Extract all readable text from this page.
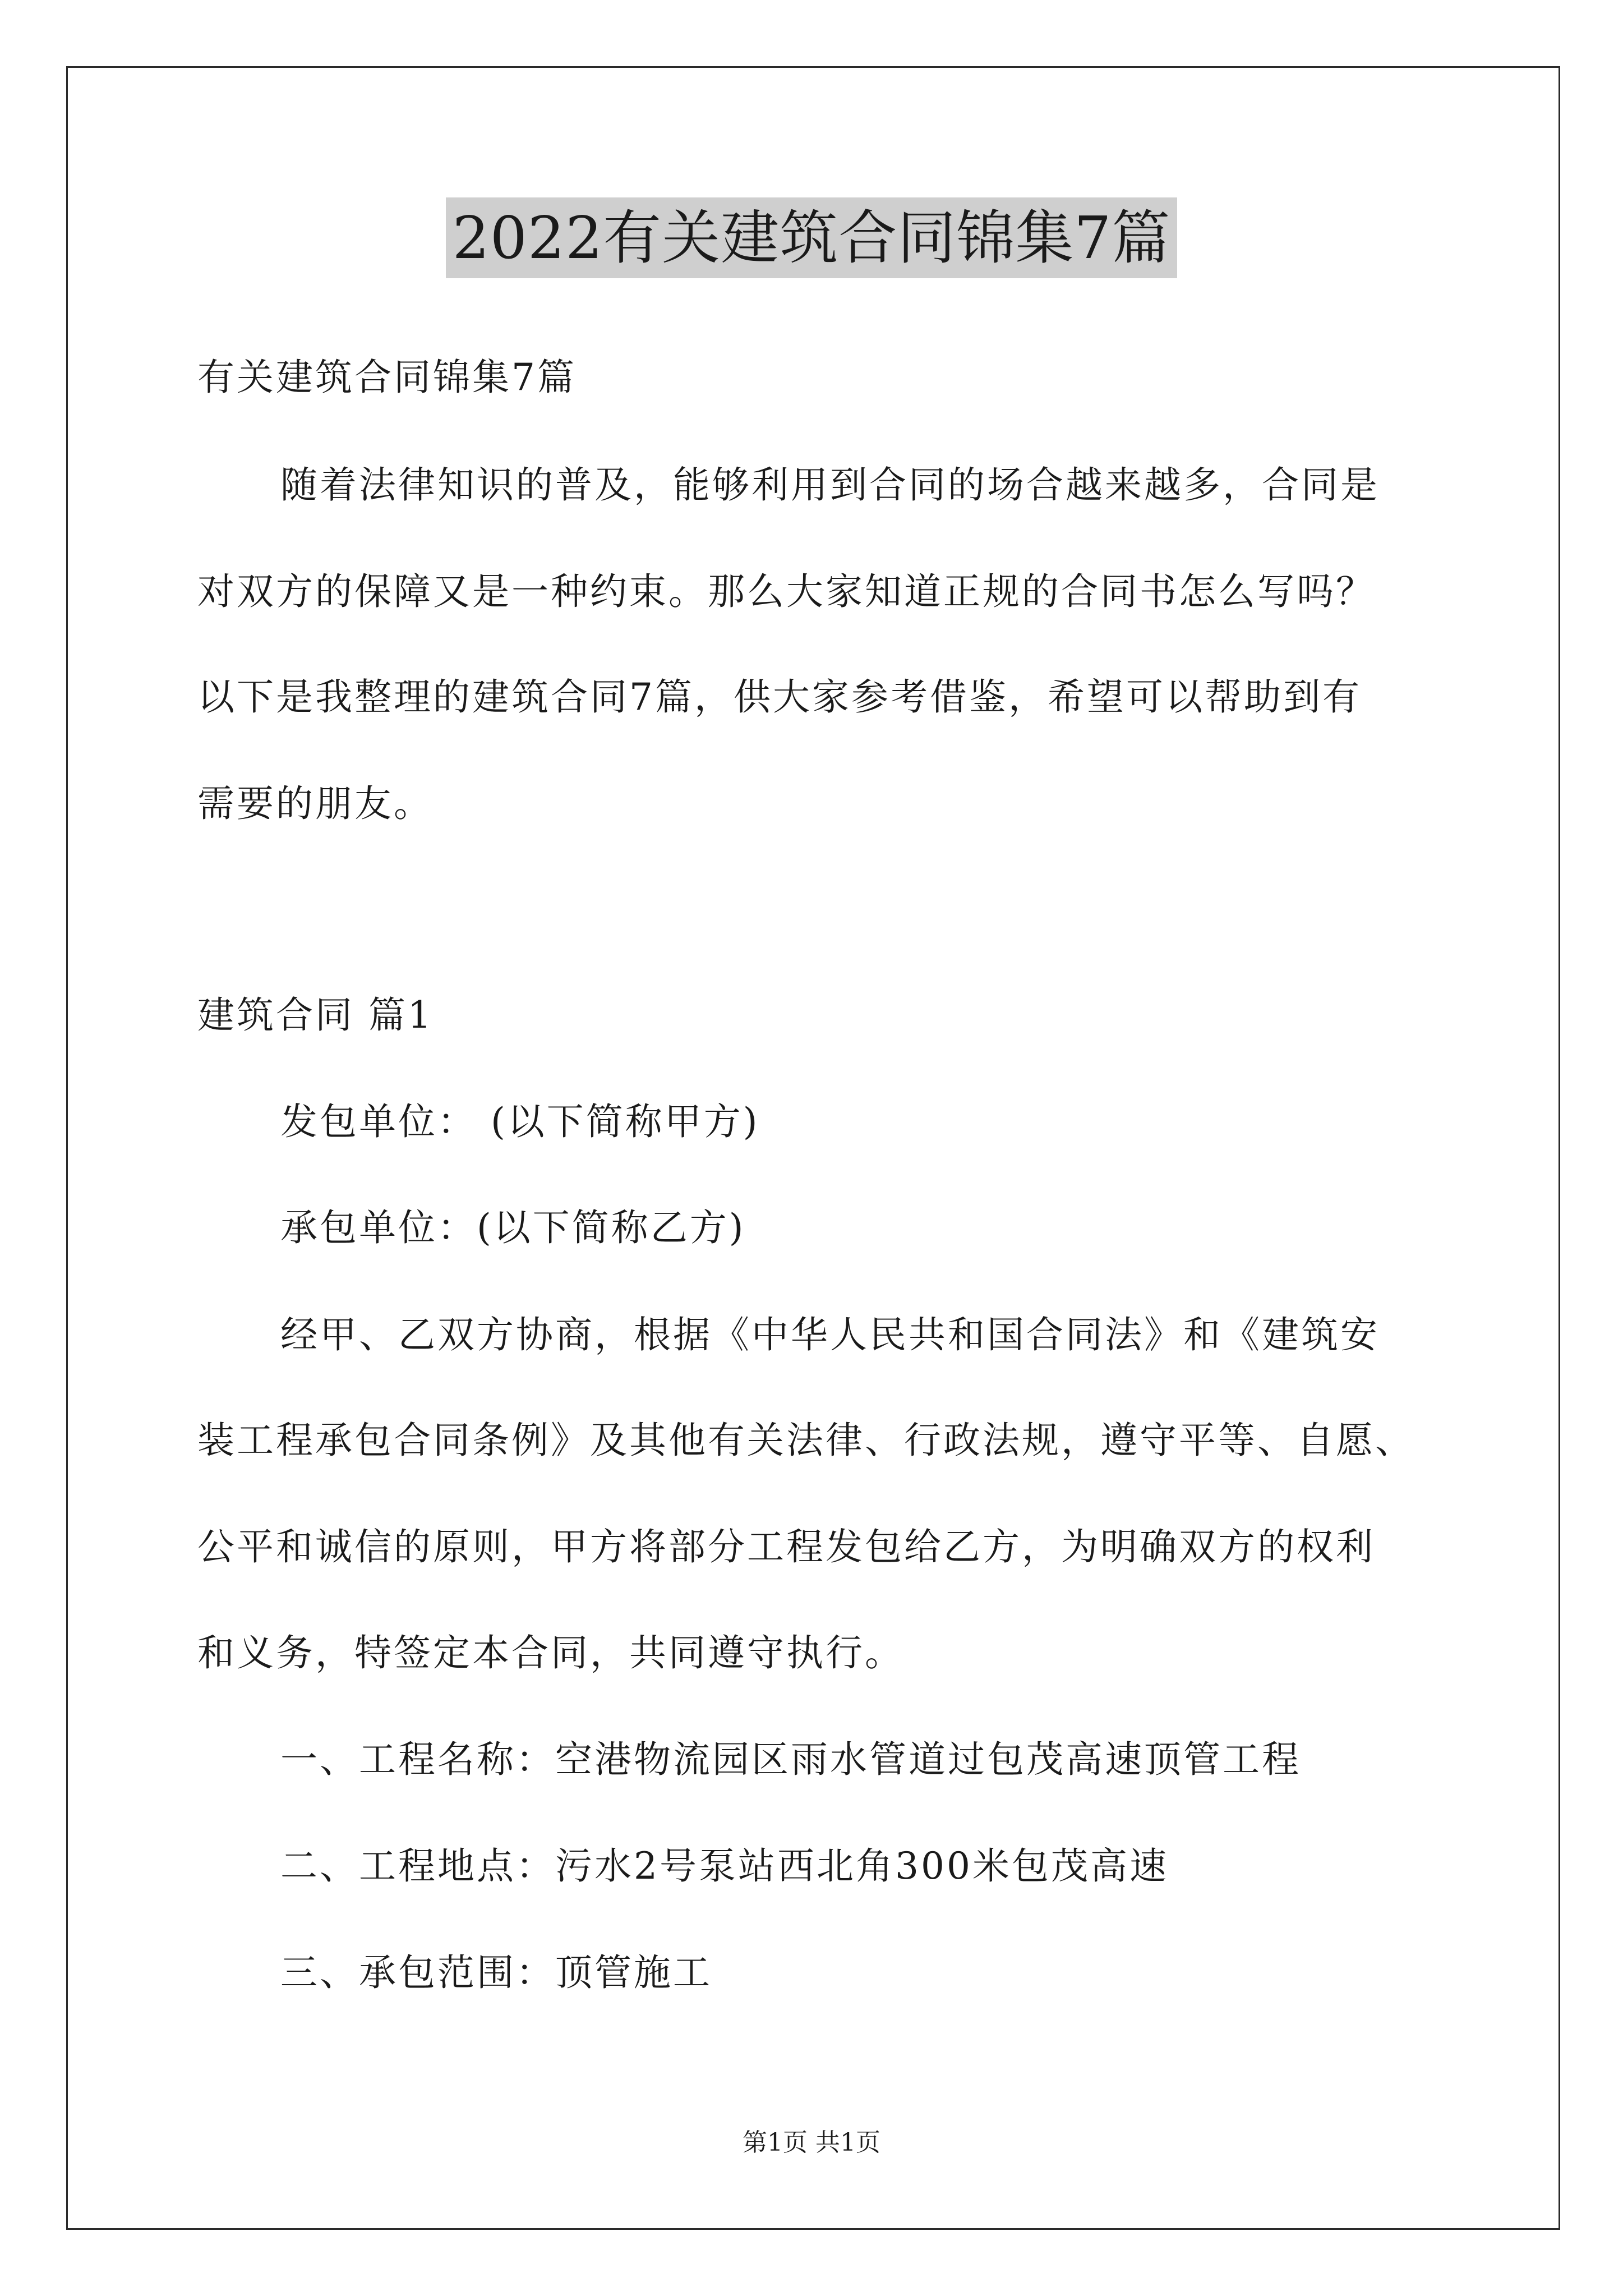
2022有关建筑合同锦集7篇
有关建筑合同锦集7篇
随着法律知识的普及，能够利用到合同的场合越来越多，合同是
对双方的保障又是一种约束。那么大家知道正规的合同书怎么写吗？
以下是我整理的建筑合同7篇，供大家参考借鉴，希望可以帮助到有
需要的朋友。
建筑合同 篇1
发包单位： (以下简称甲方)
承包单位：(以下简称乙方)
经甲、乙双方协商，根据《中华人民共和国合同法》和《建筑安
装工程承包合同条例》及其他有关法律、行政法规，遵守平等、自愿、
公平和诚信的原则，甲方将部分工程发包给乙方，为明确双方的权利
和义务，特签定本合同，共同遵守执行。
一、工程名称：空港物流园区雨水管道过包茂高速顶管工程
二、工程地点：污水2号泵站西北角300米包茂高速
三、承包范围：顶管施工
第1页 共1页
